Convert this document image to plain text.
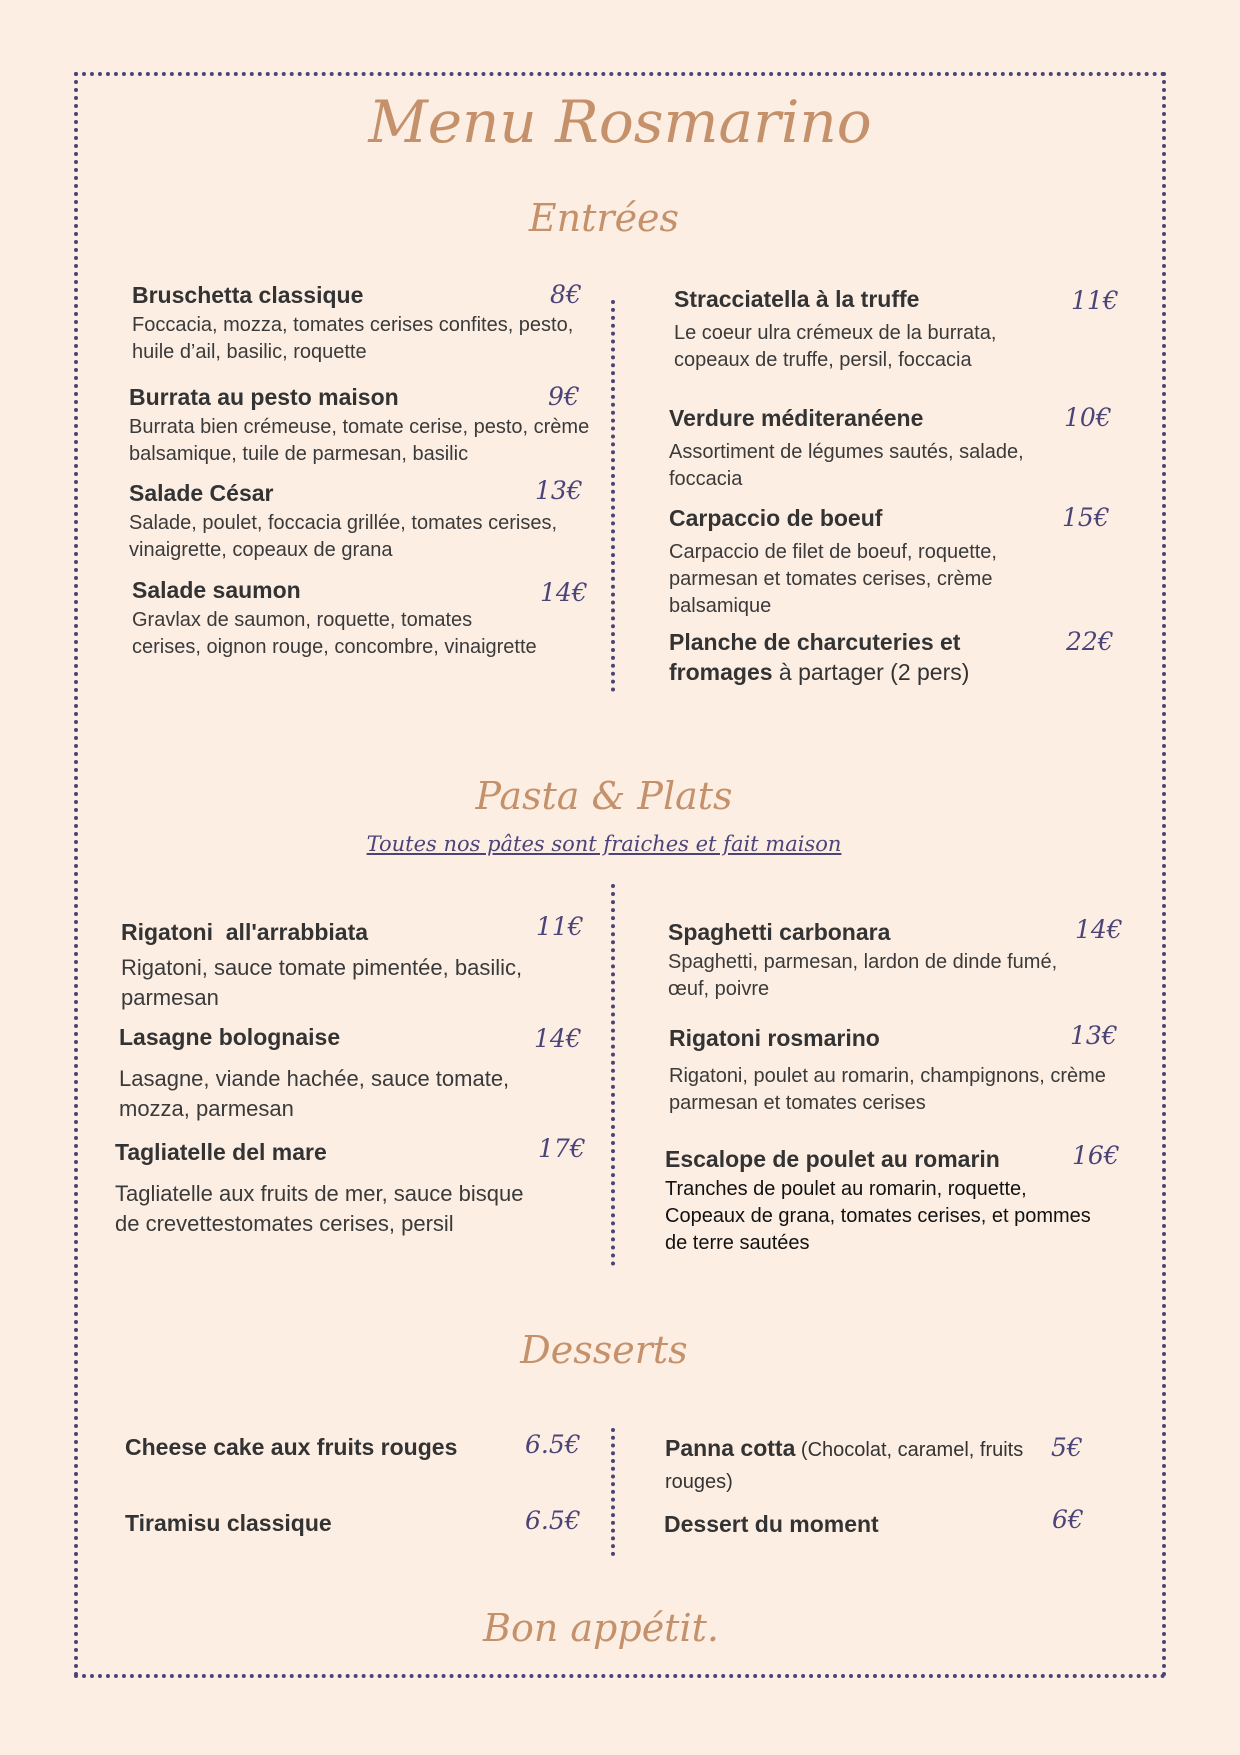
Menu Rosmarino
Entrées
Bruschetta classique
Foccacia, mozza, tomates cerises confites, pesto, huile d’ail, basilic, roquette
8€
Burrata au pesto maison
Burrata bien crémeuse, tomate cerise, pesto, crème balsamique, tuile de parmesan, basilic
9€
Salade César
Salade, poulet, foccacia grillée, tomates cerises, vinaigrette, copeaux de grana
13€
Salade saumon
Gravlax de saumon, roquette, tomates cerises, oignon rouge, concombre, vinaigrette
14€
Stracciatella à la truffe
Le coeur ulra crémeux de la burrata, copeaux de truffe, persil, foccacia
11€
Verdure méditeranéene
Assortiment de légumes sautés, salade, foccacia
10€
Carpaccio de boeuf
Carpaccio de filet de boeuf, roquette, parmesan et tomates cerises, crème balsamique
15€
Planche de charcuteries et fromages à partager (2 pers)
22€
Pasta & Plats
Toutes nos pâtes sont fraiches et fait maison
Rigatoni  all'arrabbiata
Rigatoni, sauce tomate pimentée, basilic, parmesan
11€
Lasagne bolognaise
Lasagne, viande hachée, sauce tomate, mozza, parmesan
14€
Tagliatelle del mare
Tagliatelle aux fruits de mer, sauce bisque de crevettestomates cerises, persil
17€
Spaghetti carbonara
Spaghetti, parmesan, lardon de dinde fumé, œuf, poivre
14€
Rigatoni rosmarino
Rigatoni, poulet au romarin, champignons, crème parmesan et tomates cerises
13€
Escalope de poulet au romarin
Tranches de poulet au romarin, roquette, Copeaux de grana, tomates cerises, et pommes de terre sautées
16€
Desserts
Cheese cake aux fruits rouges	6.5€
Tiramisu classique	6.5€
Panna cotta (Chocolat, caramel, fruits rouges)
5€
Dessert du moment	6€
Bon appétit.
